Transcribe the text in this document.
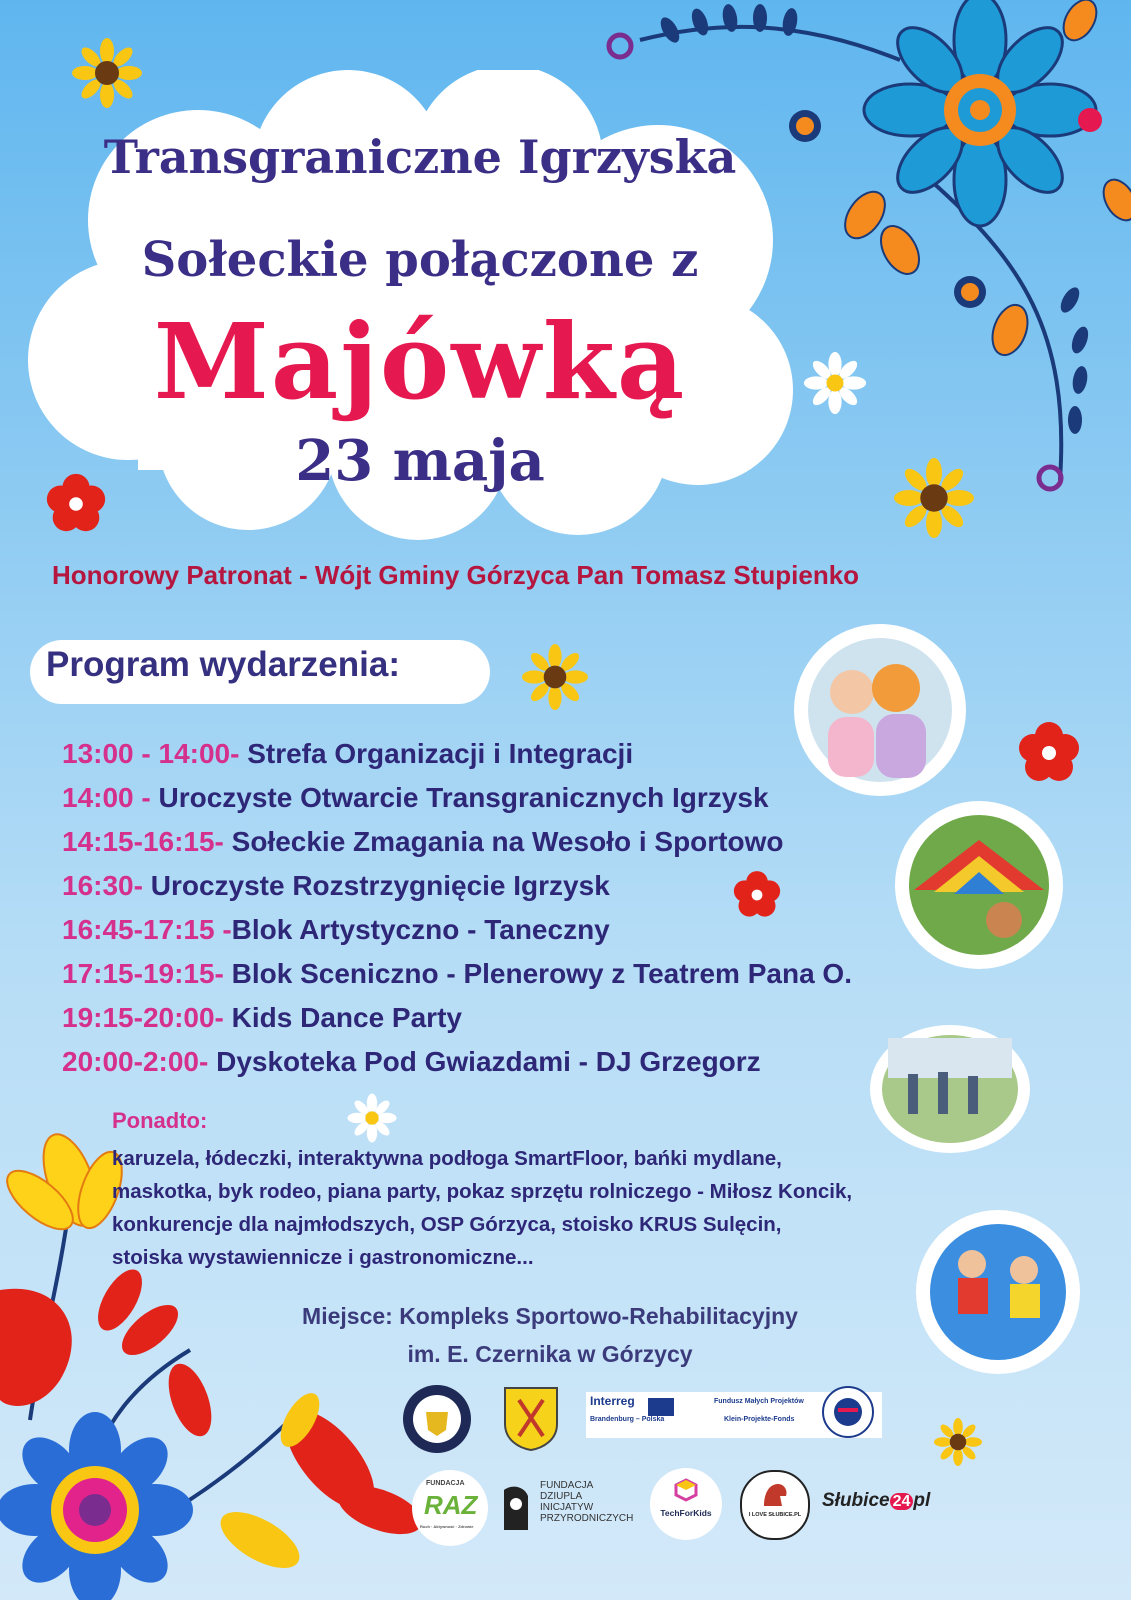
Transgraniczne Igrzyska
Sołeckie połączone z
Majówką
23 maja
Honorowy Patronat - Wójt Gminy Górzyca Pan Tomasz Stupienko
Program wydarzenia:
13:00 - 14:00- Strefa Organizacji i Integracji
14:00 - Uroczyste Otwarcie Transgranicznych Igrzysk
14:15-16:15- Sołeckie Zmagania na Wesoło i Sportowo
16:30- Uroczyste Rozstrzygnięcie Igrzysk
16:45-17:15 -Blok Artystyczno - Taneczny
17:15-19:15- Blok Sceniczno - Plenerowy z Teatrem Pana O.
19:15-20:00- Kids Dance Party
20:00-2:00- Dyskoteka Pod Gwiazdami - DJ Grzegorz
Ponadto:
karuzela, łódeczki, interaktywna podłoga SmartFloor, bańki mydlane,
maskotka, byk rodeo, piana party, pokaz sprzętu rolniczego - Miłosz Koncik,
konkurencje dla najmłodszych, OSP Górzyca, stoisko KRUS Sulęcin,
stoiska wystawiennicze i gastronomiczne...
Miejsce: Kompleks Sportowo-Rehabilitacyjny
im. E. Czernika w Górzycy
Interreg
Brandenburg – Polska
Fundusz Małych Projektów
Klein-Projekte-Fonds
FUNDACJA
RAZ
Ruch · Aktywność · Zdrowie
FUNDACJA
DZIUPLA
INICJATYW
PRZYRODNICZYCH	TechForKids	I LOVE SŁUBICE.PL
Słubice 24 pl
